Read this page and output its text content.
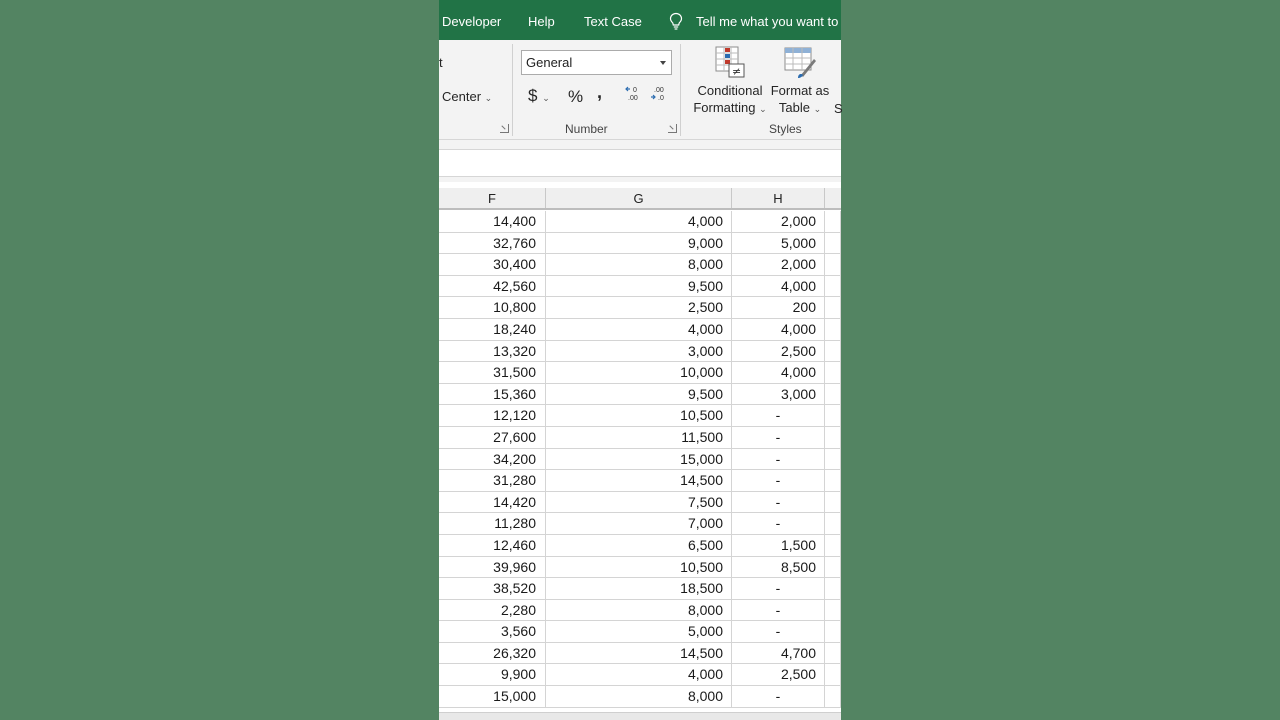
Developer Help Text Case	Tell me what you want to
t
Center ⌄
General
$ ⌄ % ,	0
.00
.00
.0
Number
≠
Conditional
Formatting ⌄
Format as
Table ⌄ S
Styles
F	G	H
14,400	4,000	2,000
32,760	9,000	5,000
30,400	8,000	2,000
42,560	9,500	4,000
10,800	2,500	200
18,240	4,000	4,000
13,320	3,000	2,500
31,500	10,000	4,000
15,360	9,500	3,000
12,120	10,500	-
27,600	11,500	-
34,200	15,000	-
31,280	14,500	-
14,420	7,500	-
11,280	7,000	-
12,460	6,500	1,500
39,960	10,500	8,500
38,520	18,500	-
2,280	8,000	-
3,560	5,000	-
26,320	14,500	4,700
9,900	4,000	2,500
15,000	8,000	-
